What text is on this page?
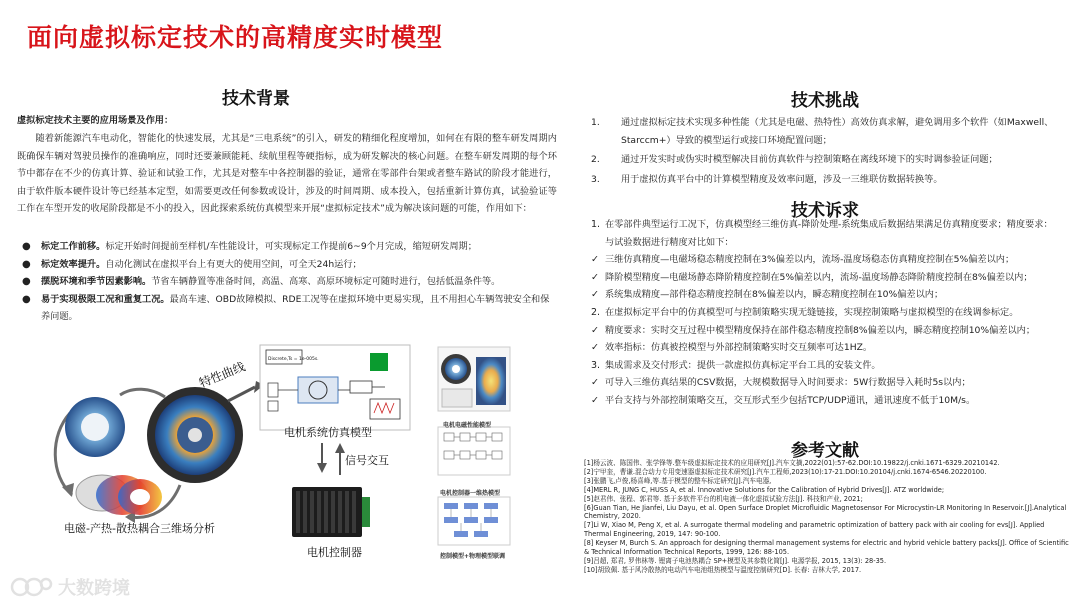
面向虚拟标定技术的高精度实时模型
技术背景
虚拟标定技术主要的应用场景及作用：
随着新能源汽车电动化，智能化的快速发展，尤其是“三电系统”的引入，研发的精细化程度增加，如何在有限的整车研发周期内既确保车辆对驾驶员操作的准确响应，同时还要兼顾能耗、续航里程等硬指标，成为研发解决的核心问题。在整车研发周期的每个环节中都存在不少的仿真计算、验证和试验工作，尤其是对整车中各控制器的验证，通常在零部件台架或者整车路试的阶段才能进行，由于软件版本硬件设计等已经基本定型，如需要更改任何参数或设计，涉及的时间周期、成本投入，包括重新计算仿真，试验验证等工作在车型开发的收尾阶段都是不小的投入，因此探索系统仿真模型来开展“虚拟标定技术”成为解决该问题的可能，作用如下：
● 标定工作前移。标定开始时间提前至样机/车性能设计，可实现标定工作提前6~9个月完成，缩短研发周期；
● 标定效率提升。自动化测试在虚拟平台上有更大的使用空间，可全天24h运行；
● 摆脱环境和季节因素影响。节省车辆静置等准备时间，高温、高寒、高原环境标定可随时进行，包括低温条件等。
● 易于实现极限工况和重复工况。最高车速、OBD故障模拟、RDE工况等在虚拟环境中更易实现，且不用担心车辆驾驶安全和保养问题。
Discrete,Ts = 1e-005s.
特性曲线
电机系统仿真模型
信号交互
电机控制器
电磁-产热-散热耦合三维场分析
电机电磁性能模型
电机控制器一维热模型
控制模型+物理模型联调
技术挑战
1. 通过虚拟标定技术实现多种性能（尤其是电磁、热特性）高效仿真求解，避免调用多个软件（如Maxwell、Starccm+）导致的模型运行或接口环境配置问题；
2. 通过开发实时或伪实时模型解决目前仿真软件与控制策略在离线环境下的实时调参验证问题；
3. 用于虚拟仿真平台中的计算模型精度及效率问题，涉及一三维联仿数据转换等。
技术诉求
1. 在零部件典型运行工况下，仿真模型经三维仿真-降阶处理-系统集成后数据结果满足仿真精度要求；精度要求：与试验数据进行精度对比如下：
✓ 三维仿真精度—电磁场稳态精度控制在3%偏差以内，流场-温度场稳态仿真精度控制在5%偏差以内；
✓ 降阶模型精度—电磁场静态降阶精度控制在5%偏差以内，流场-温度场静态降阶精度控制在8%偏差以内；
✓ 系统集成精度—部件稳态精度控制在8%偏差以内，瞬态精度控制在10%偏差以内；
2. 在虚拟标定平台中的仿真模型可与控制策略实现无缝链接，实现控制策略与虚拟模型的在线调参标定。
✓ 精度要求：实时交互过程中模型精度保持在部件稳态精度控制8%偏差以内，瞬态精度控制10%偏差以内；
✓ 效率指标：仿真被控模型与外部控制策略实时交互频率可达1HZ。
3. 集成需求及交付形式：提供一款虚拟仿真标定平台工具的安装文件。
✓ 可导入三维仿真结果的CSV数据，大规模数据导入时间要求：5W行数据导入耗时5s以内；
✓ 平台支持与外部控制策略交互，交互形式至少包括TCP/UDP通讯，通讯速度不低于10M/s。
参考文献
[1]杨云波、陈国伟、张学锋等.整车级虚拟标定技术的应用研究[J].汽车文摘,2022(01):57-62.DOI:10.19822/j.cnki.1671-6329.20210142.
[2]宁甲奎，曹谦.混合动力专用变速器虚拟标定技术研究[J].汽车工程师,2023(10):17-21.DOI:10.20104/j.cnki.1674-6546.20220100.
[3]张鹏飞,卢俊,杨喜峰,等.基于模型的整车标定研究[J].汽车电器,
[4]MERL R, JUNG C, HUSS A, et al. Innovative Solutions for the Calibration of Hybrid Drives[J]. ATZ worldwide;
[5]赵君伟、张程、郭君等. 基于多软件平台的机电液一体化虚拟试验方法[J]. 科技和产业, 2021;
[6]Guan Tian, He Jianfei, Liu Dayu, et al. Open Surface Droplet Microfluidic Magnetosensor For Microcystin-LR Monitoring In Reservoir.[J].Analytical Chemistry, 2020.
[7]Li W, Xiao M, Peng X, et al. A surrogate thermal modeling and parametric optimization of battery pack with air cooling for evs[J]. Applied Thermal Engineering, 2019, 147: 90-100.
[8] Keyser M, Burch S. An approach for designing thermal management systems for electric and hybrid vehicle battery packs[J]. Office of Scientific & Technical Information Technical Reports, 1999, 126: 88-105.
[9]吕超, 郑君, 罗伟林等. 锂离子电池热耦合 SP+模型及其参数化简[J]. 电源学报, 2015, 13(3): 28-35.
[10]胡致佩. 基于风冷散热的电动汽车电池组热模型与温度控制研究[D]. 长春: 吉林大学, 2017.
大数跨境
